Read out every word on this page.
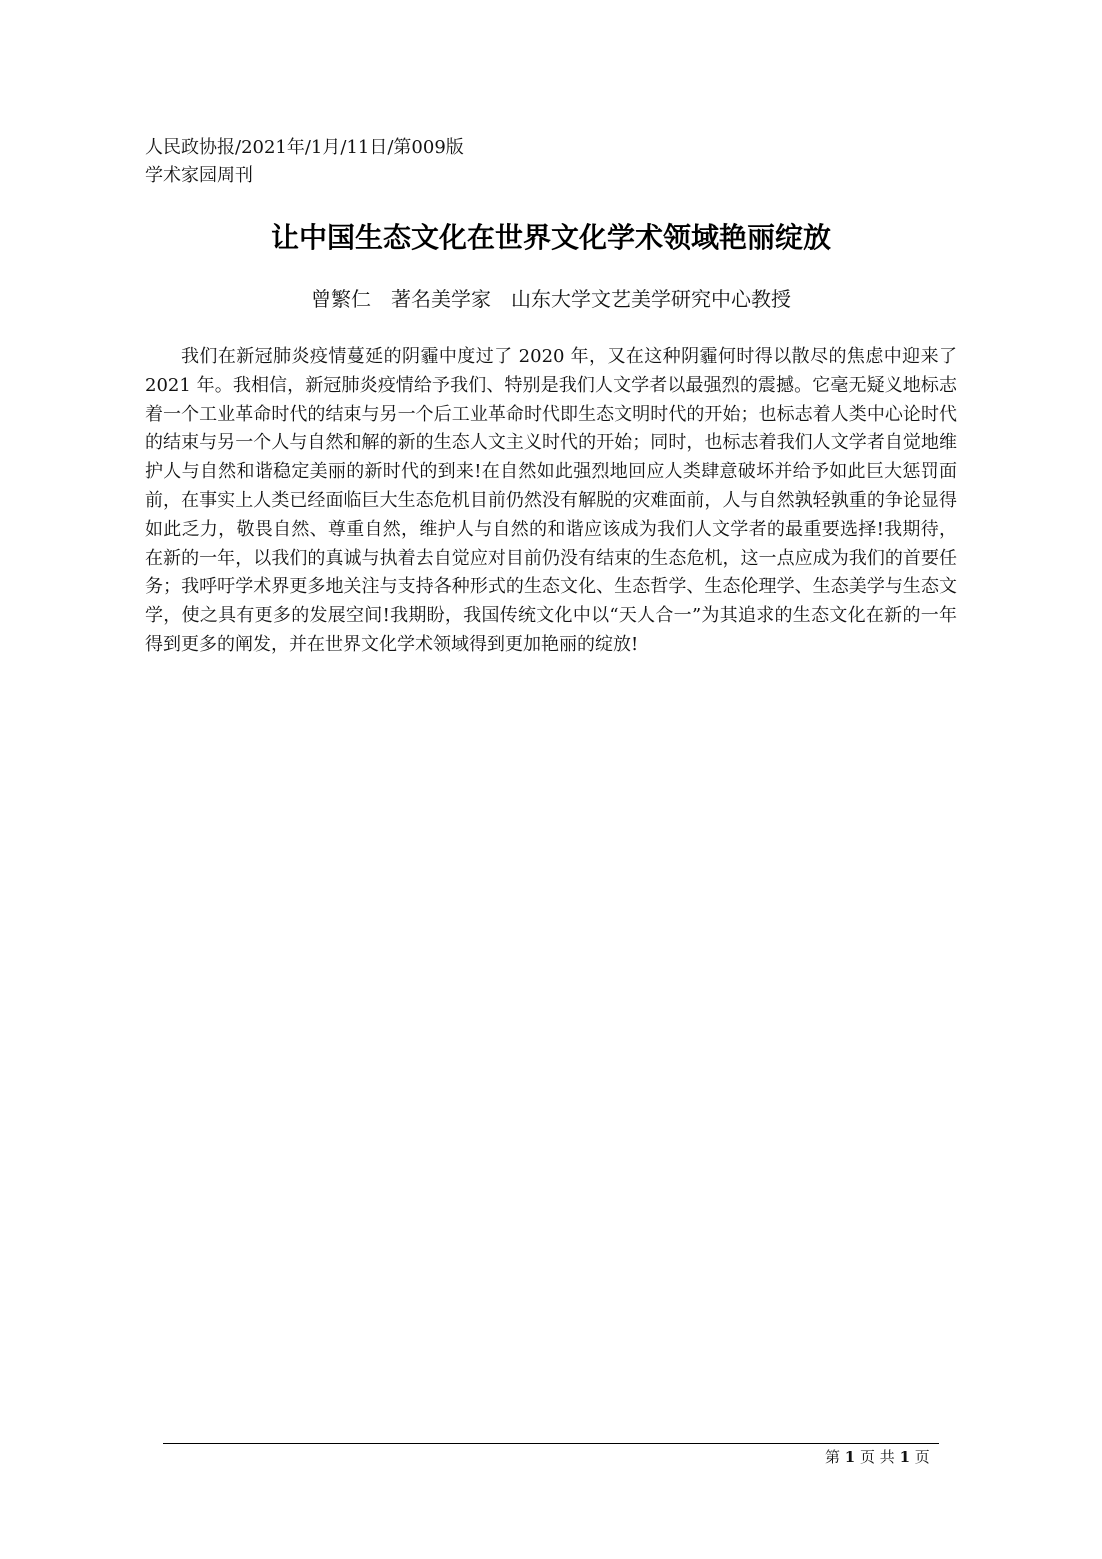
人民政协报/2021年/1月/11日/第009版
学术家园周刊
让中国生态文化在世界文化学术领域艳丽绽放
曾繁仁　著名美学家　山东大学文艺美学研究中心教授

我们在新冠肺炎疫情蔓延的阴霾中度过了 2020 年，又在这种阴霾何时得以散尽的焦虑中迎来了 2021 年。我相信，新冠肺炎疫情给予我们、特别是我们人文学者以最强烈的震撼。它毫无疑义地标志着一个工业革命时代的结束与另一个后工业革命时代即生态文明时代的开始；也标志着人类中心论时代的结束与另一个人与自然和解的新的生态人文主义时代的开始；同时，也标志着我们人文学者自觉地维护人与自然和谐稳定美丽的新时代的到来!在自然如此强烈地回应人类肆意破坏并给予如此巨大惩罚面前，在事实上人类已经面临巨大生态危机目前仍然没有解脱的灾难面前，人与自然孰轻孰重的争论显得如此乏力，敬畏自然、尊重自然，维护人与自然的和谐应该成为我们人文学者的最重要选择!我期待，在新的一年，以我们的真诚与执着去自觉应对目前仍没有结束的生态危机，这一点应成为我们的首要任务；我呼吁学术界更多地关注与支持各种形式的生态文化、生态哲学、生态伦理学、生态美学与生态文学，使之具有更多的发展空间!我期盼，我国传统文化中以“天人合一”为其追求的生态文化在新的一年得到更多的阐发，并在世界文化学术领域得到更加艳丽的绽放!

第 1 页 共 1 页
